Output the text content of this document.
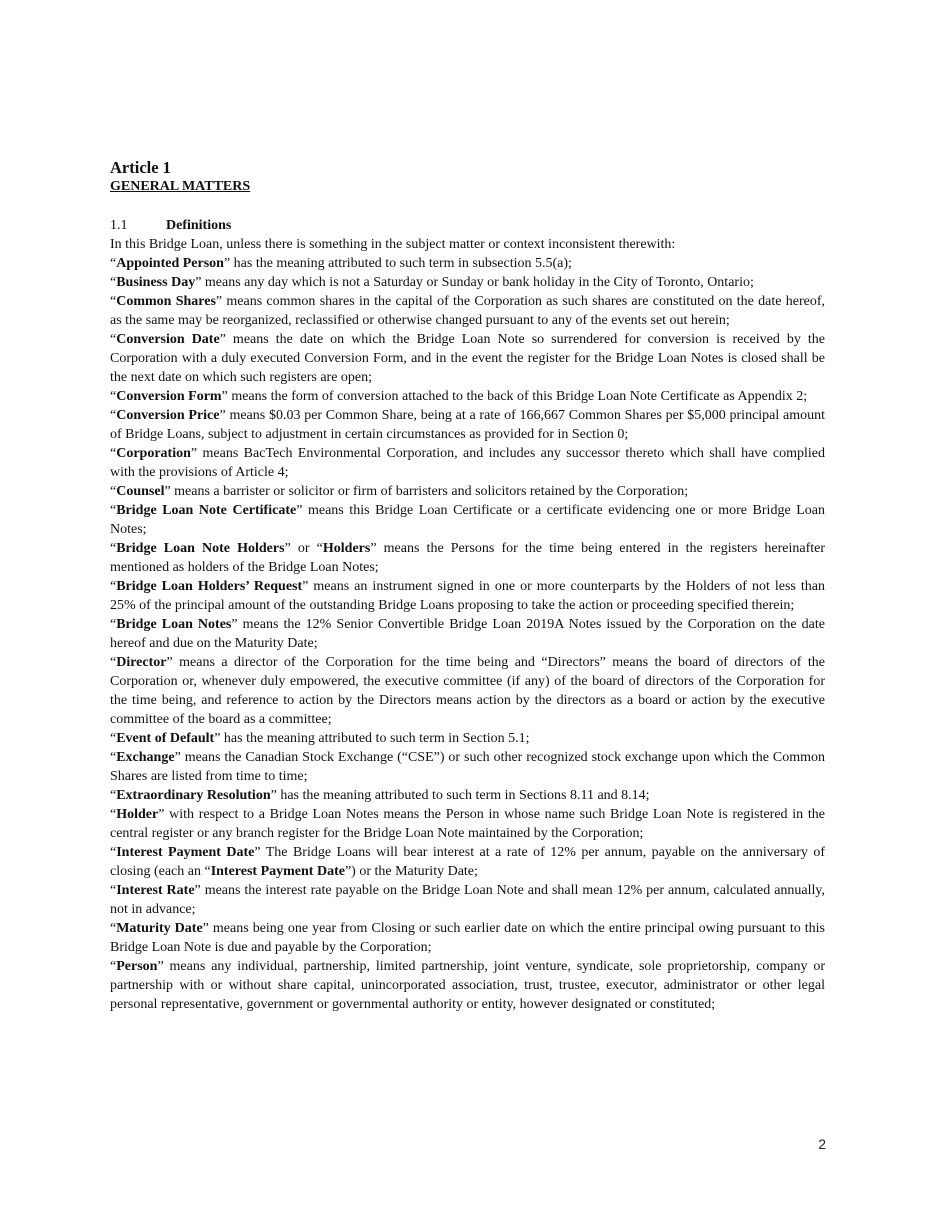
Article 1
GENERAL MATTERS
1.1	Definitions

In this Bridge Loan, unless there is something in the subject matter or context inconsistent therewith:

“Appointed Person” has the meaning attributed to such term in subsection 5.5(a);

“Business Day” means any day which is not a Saturday or Sunday or bank holiday in the City of Toronto, Ontario;

“Common Shares” means common shares in the capital of the Corporation as such shares are constituted on the date hereof, as the same may be reorganized, reclassified or otherwise changed pursuant to any of the events set out herein;

“Conversion Date” means the date on which the Bridge Loan Note so surrendered for conversion is received by the Corporation with a duly executed Conversion Form, and in the event the register for the Bridge Loan Notes is closed shall be the next date on which such registers are open;

“Conversion Form” means the form of conversion attached to the back of this Bridge Loan Note Certificate as Appendix 2;

“Conversion Price” means $0.03 per Common Share, being at a rate of 166,667 Common Shares per $5,000 principal amount of Bridge Loans, subject to adjustment in certain circumstances as provided for in Section 0;

“Corporation” means BacTech Environmental Corporation, and includes any successor thereto which shall have complied with the provisions of Article 4;

“Counsel” means a barrister or solicitor or firm of barristers and solicitors retained by the Corporation;

“Bridge Loan Note Certificate” means this Bridge Loan Certificate or a certificate evidencing one or more Bridge Loan Notes;

“Bridge Loan Note Holders” or “Holders” means the Persons for the time being entered in the registers hereinafter mentioned as holders of the Bridge Loan Notes;

“Bridge Loan Holders’ Request” means an instrument signed in one or more counterparts by the Holders of not less than 25% of the principal amount of the outstanding Bridge Loans proposing to take the action or proceeding specified therein;

“Bridge Loan Notes” means the 12% Senior Convertible Bridge Loan 2019A Notes issued by the Corporation on the date hereof and due on the Maturity Date;

“Director” means a director of the Corporation for the time being and “Directors” means the board of directors of the Corporation or, whenever duly empowered, the executive committee (if any) of the board of directors of the Corporation for the time being, and reference to action by the Directors means action by the directors as a board or action by the executive committee of the board as a committee;

“Event of Default” has the meaning attributed to such term in Section 5.1;

“Exchange” means the Canadian Stock Exchange (“CSE”) or such other recognized stock exchange upon which the Common Shares are listed from time to time;

“Extraordinary Resolution” has the meaning attributed to such term in Sections 8.11 and 8.14;

“Holder” with respect to a Bridge Loan Notes means the Person in whose name such Bridge Loan Note is registered in the central register or any branch register for the Bridge Loan Note maintained by the Corporation;

“Interest Payment Date” The Bridge Loans will bear interest at a rate of 12% per annum, payable on the anniversary of closing (each an “Interest Payment Date”) or the Maturity Date;

“Interest Rate” means the interest rate payable on the Bridge Loan Note and shall mean 12% per annum, calculated annually, not in advance;

“Maturity Date” means being one year from Closing or such earlier date on which the entire principal owing pursuant to this Bridge Loan Note is due and payable by the Corporation;

“Person” means any individual, partnership, limited partnership, joint venture, syndicate, sole proprietorship, company or partnership with or without share capital, unincorporated association, trust, trustee, executor, administrator or other legal personal representative, government or governmental authority or entity, however designated or constituted;

2
